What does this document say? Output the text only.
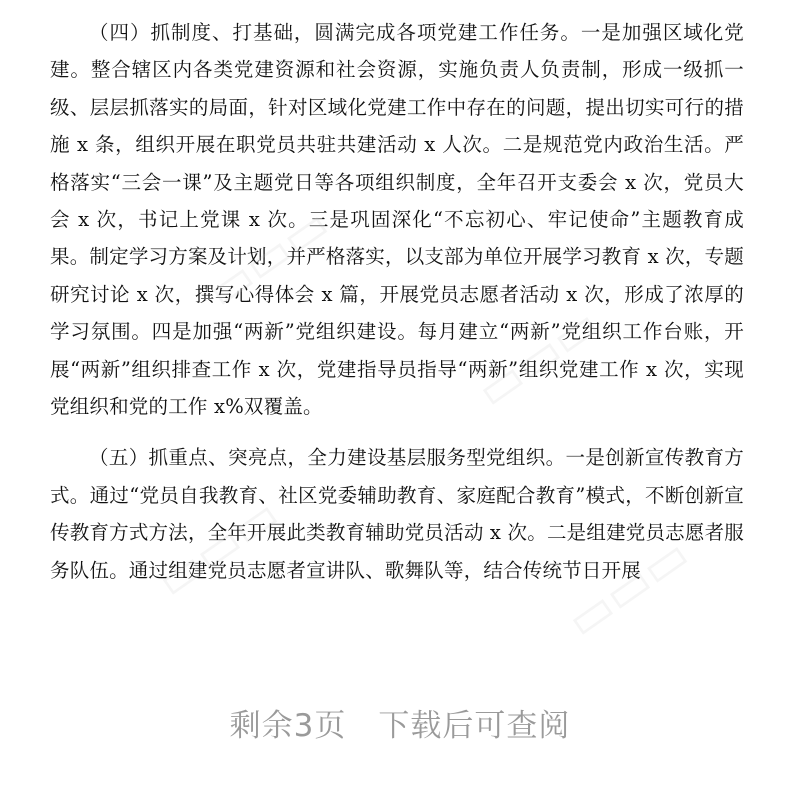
（四）抓制度、打基础，圆满完成各项党建工作任务。一是加强区域化党建。整合辖区内各类党建资源和社会资源，实施负责人负责制，形成一级抓一级、层层抓落实的局面，针对区域化党建工作中存在的问题，提出切实可行的措施 x 条，组织开展在职党员共驻共建活动 x 人次。二是规范党内政治生活。严格落实“三会一课”及主题党日等各项组织制度，全年召开支委会 x 次，党员大会 x 次，书记上党课 x 次。三是巩固深化“不忘初心、牢记使命”主题教育成果。制定学习方案及计划，并严格落实，以支部为单位开展学习教育 x 次，专题研究讨论 x 次，撰写心得体会 x 篇，开展党员志愿者活动 x 次，形成了浓厚的学习氛围。四是加强“两新”党组织建设。每月建立“两新”党组织工作台账，开展“两新”组织排查工作 x 次，党建指导员指导“两新”组织党建工作 x 次，实现党组织和党的工作 x%双覆盖。

（五）抓重点、突亮点，全力建设基层服务型党组织。一是创新宣传教育方式。通过“党员自我教育、社区党委辅助教育、家庭配合教育”模式，不断创新宣传教育方式方法，全年开展此类教育辅助党员活动 x 次。二是组建党员志愿者服务队伍。通过组建党员志愿者宣讲队、歌舞队等，结合传统节日开展

▭▭▭
▭▭▭
▭▭▭	▭▭▭
剩余3页　下载后可查阅
